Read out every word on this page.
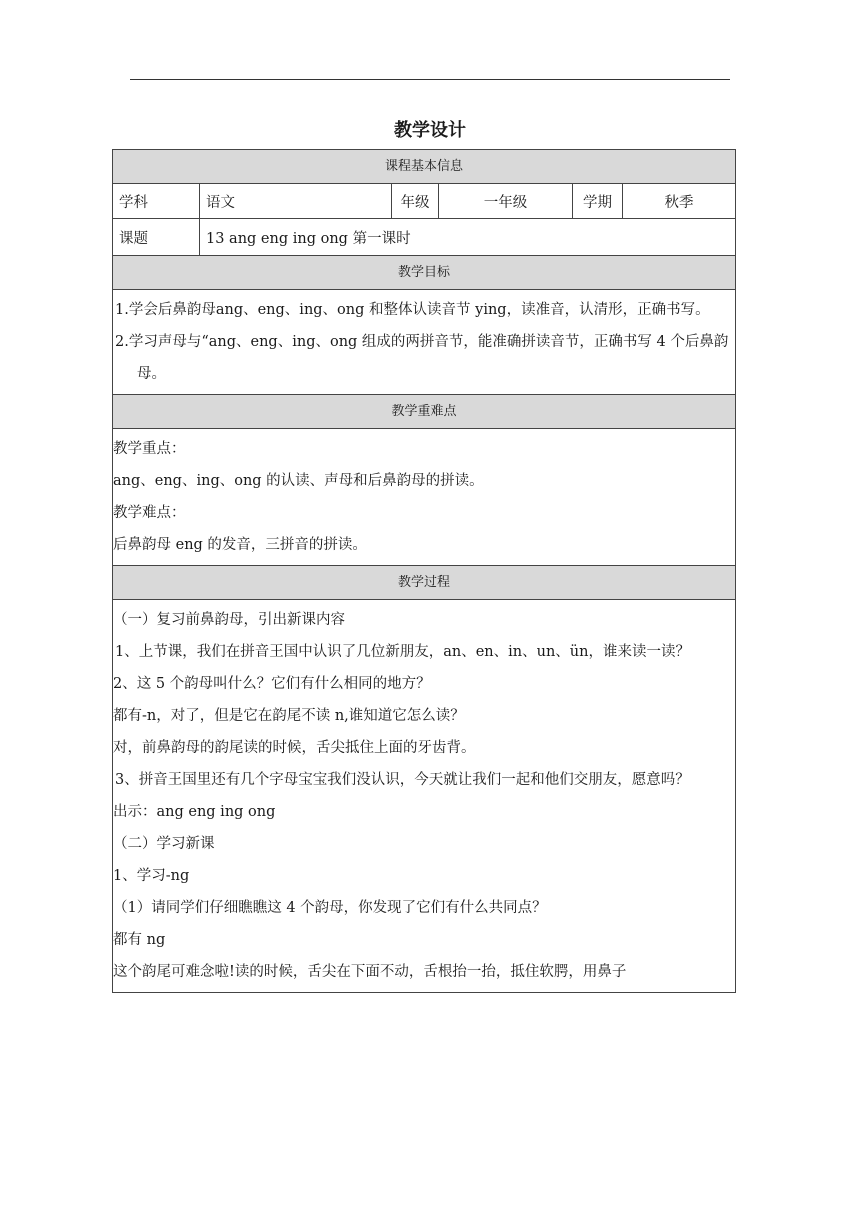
教学设计
课程基本信息
学科	语文	年级	一年级	学期	秋季
课题	13 ang eng ing ong 第一课时
教学目标

1.学会后鼻韵母ang、eng、ing、ong 和整体认读音节 ying，读准音，认清形，正确书写。

2.学习声母与“ang、eng、ing、ong 组成的两拼音节，能准确拼读音节，正确书写 4 个后鼻韵母。

教学重难点

教学重点：

ang、eng、ing、ong 的认读、声母和后鼻韵母的拼读。

教学难点：

后鼻韵母 eng 的发音，三拼音的拼读。

教学过程

（一）复习前鼻韵母，引出新课内容

1、上节课，我们在拼音王国中认识了几位新朋友，an、en、in、un、ün，谁来读一读？

2、这 5 个韵母叫什么？它们有什么相同的地方？

都有-n，对了，但是它在韵尾不读 n,谁知道它怎么读？

对，前鼻韵母的韵尾读的时候，舌尖抵住上面的牙齿背。

3、拼音王国里还有几个字母宝宝我们没认识，今天就让我们一起和他们交朋友，愿意吗？

出示：ang eng ing ong

（二）学习新课

1、学习-ng

（1）请同学们仔细瞧瞧这 4 个韵母，你发现了它们有什么共同点？

都有 ng

这个韵尾可难念啦!读的时候，舌尖在下面不动，舌根抬一抬，抵住软腭，用鼻子
